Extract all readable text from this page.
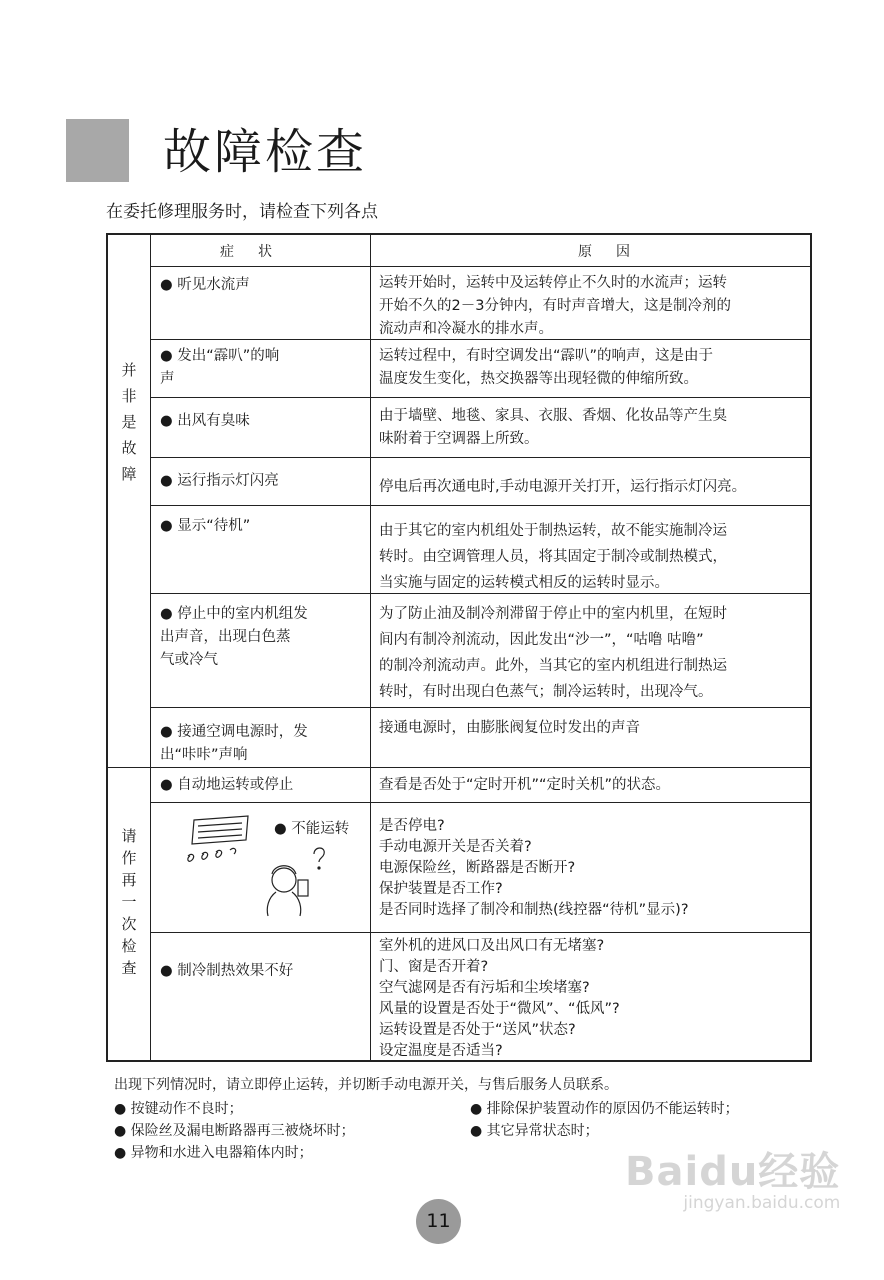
故障检查
在委托修理服务时，请检查下列各点
症状	原因
并
非
是
故
障
请
作
再
一
次
检
查
● 听见水流声
● 发出“霹叭”的响
声
● 出风有臭味
● 运行指示灯闪亮
● 显示“待机”
● 停止中的室内机组发
出声音，出现白色蒸
气或冷气
● 接通空调电源时，发
出“咔咔”声响
● 自动地运转或停止
● 不能运转
● 制冷制热效果不好

运转开始时，运转中及运转停止不久时的水流声；运转

开始不久的2－3分钟内，有时声音增大，这是制冷剂的

流动声和冷凝水的排水声。

运转过程中，有时空调发出“霹叭”的响声，这是由于

温度发生变化，热交换器等出现轻微的伸缩所致。

由于墙壁、地毯、家具、衣服、香烟、化妆品等产生臭

味附着于空调器上所致。

停电后再次通电时,手动电源开关打开，运行指示灯闪亮。

由于其它的室内机组处于制热运转，故不能实施制冷运

转时。由空调管理人员，将其固定于制冷或制热模式，

当实施与固定的运转模式相反的运转时显示。

为了防止油及制冷剂滞留于停止中的室内机里，在短时

间内有制冷剂流动，因此发出“沙一”，“咕噜 咕噜”

的制冷剂流动声。此外，当其它的室内机组进行制热运

转时，有时出现白色蒸气；制冷运转时，出现冷气。

接通电源时，由膨胀阀复位时发出的声音

查看是否处于“定时开机”“定时关机”的状态。

是否停电?

手动电源开关是否关着?

电源保险丝，断路器是否断开?

保护装置是否工作?

是否同时选择了制冷和制热(线控器“待机”显示)?

室外机的进风口及出风口有无堵塞?

门、窗是否开着?

空气滤网是否有污垢和尘埃堵塞?

风量的设置是否处于“微风”、“低风”?

运转设置是否处于“送风”状态?

设定温度是否适当?

出现下列情况时，请立即停止运转，并切断手动电源开关，与售后服务人员联系。
● 按键动作不良时；
● 保险丝及漏电断路器再三被烧坏时；
● 异物和水进入电器箱体内时；
● 排除保护装置动作的原因仍不能运转时；
● 其它异常状态时；
Baidu经验
jingyan.baidu.com
11
